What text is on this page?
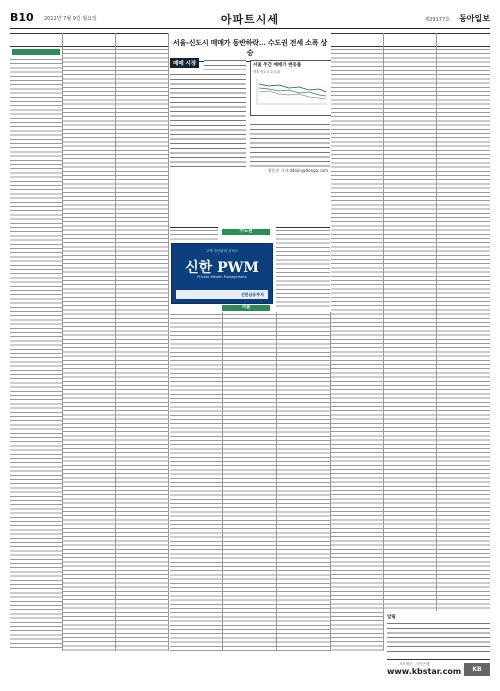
B10 2012년 7월 9일 월요일	아파트시세	제29177호 동아일보
서울-신도시 매매가 동반하락… 수도권 전세 소폭 상승
매매 시장
정동진 기자 ddojin@donga.com
서울 주간 매매가 변동률
서울 신도시 수도권
수도권
고객 자산관리 서비스
신한 PWM
Private Wealth Management
신한금융투자
서울
알림
자료제공 : 국민은행
www.kbstar.com	KB
